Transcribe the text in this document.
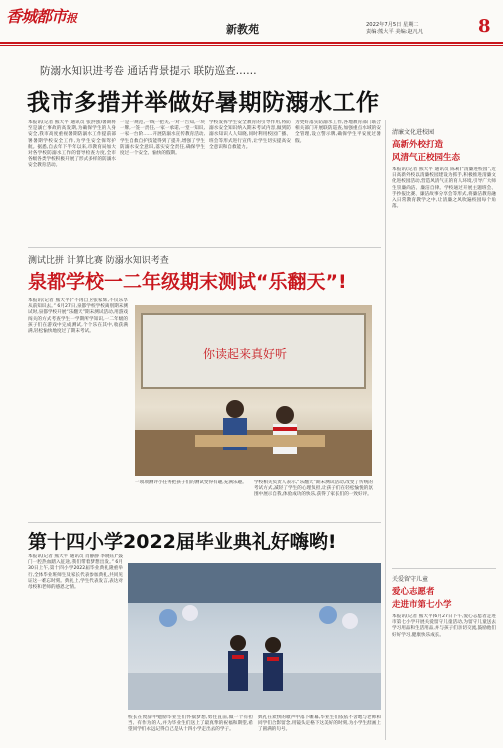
香城都市报
新教苑	2022年7月5日 星期二
责编:熊大平 美编:赵凡凡	8
防溺水知识进考卷 通话背景提示 联防巡查……
我市多措并举做好暑期防溺水工作
本报讯(记者 熊大平 通讯员 张洪强)暑期将至是溺亡事故的高发期,为确保学生的人身安全,我市高度重视暑期防溺水工作提前部署暑期学校安全工作,为学生安全保驾护航。据悉,自去年下半年以来,市教育局加大对各学校防溺水工作的督导检查力度,全市各级各类学校积极开展了形式多样的防溺水安全教育活动。
一是一规范,一线一把关,一对一告知,一块一牌,一签一责任,一家一承诺,一堂一知识,一家一台阶……开展防溺水宣传教育活动,学生自救自护技能得到了提升,增强了学生防溺水安全意识,落实安全责任,确保学生度过一个安全、愉快的假期。
学校发挥学生安全教育的引导作用,将防溺水安全知识纳入期末考试内容,做到防溺水知识人人知晓,同时利用校园广播、班会等形式进行宣传,让学生切实提高安全意识和自救能力。
为更好落实防溺水工作,各地教育部门联合相关部门开展联防巡查,加强重点水域的安全管理,设立警示牌,确保学生平安度过暑假。
测试比拼 计算比赛 防溺水知识考查
泉都学校一二年级期末测试“乐翻天”!
本报讯(记者 熊大平)“不再自卫张家辉,不仅乐享从前知识去。” 6月27日,泉都学校学校离别期末测试时,泉都学校开展“乐翻天”期末测试活动,用游戏闯关的方式考查学生一学期所学知识,一二年级的孩子们在游戏中完成测试,个个乐在其中,收获满满,轻松愉快地度过了期末考试。
你读起来真好听
一项项测评小任务把孩子们的测试变得有趣,充满乐趣。	学校相关负责人表示,“乐翻天”期末测试活动,改变了传统的考试方式,减轻了学生的心理负担,让孩子们在轻松愉悦的氛围中展示自我,体验成功的快乐,获得了家长们的一致好评。
第十四小学2022届毕业典礼好嗨哟!
本报讯(记者 熊大平 通讯员 肖静静 李晓钰)“鼓门一腔热血踏入征途,我们带着梦想出发。” 6月30日上午,第十四小学2022届毕业典礼隆重举行,全体毕业班师生及家长代表参加典礼,共同见证这一难忘时刻。典礼上,学生代表发言,表达对母校和老师的感恩之情。
校长在致辞中勉励毕业生们怀揣梦想,勇往直前,做一个有担当、有作为的人,并为毕业生们送上了最真挚的祝福和期望,希望同学们永远记得自己是从十四小学走出去的学子。
典礼在欢快的歌声中落下帷幕,毕业生们依依不舍地与老师和同学们合影留念,用镜头定格下这美好的时刻,为小学生涯画上了圆满的句号。
清廉文化进校园
高新外校打造
风清气正校园生态
本报讯(记者 熊大平 通讯员 陈莉)“清廉进校园”,近日高新外校以清廉校园建设为抓手,积极推进清廉文化进校园活动,营造风清气正的育人环境,引导广大师生崇廉尚洁、廉洁自律。学校通过开展主题班会、手抄报比赛、廉洁故事分享会等形式,将廉洁教育融入日常教育教学之中,让清廉之风吹遍校园每个角落。
关爱留守儿童
爱心志愿者
走进市第七小学
本报讯(记者 熊大平)6月27日下午,爱心志愿者走进市第七小学开展关爱留守儿童活动,为留守儿童送去学习用品和生活用品,并与孩子们亲切交流,鼓励他们好好学习,健康快乐成长。
